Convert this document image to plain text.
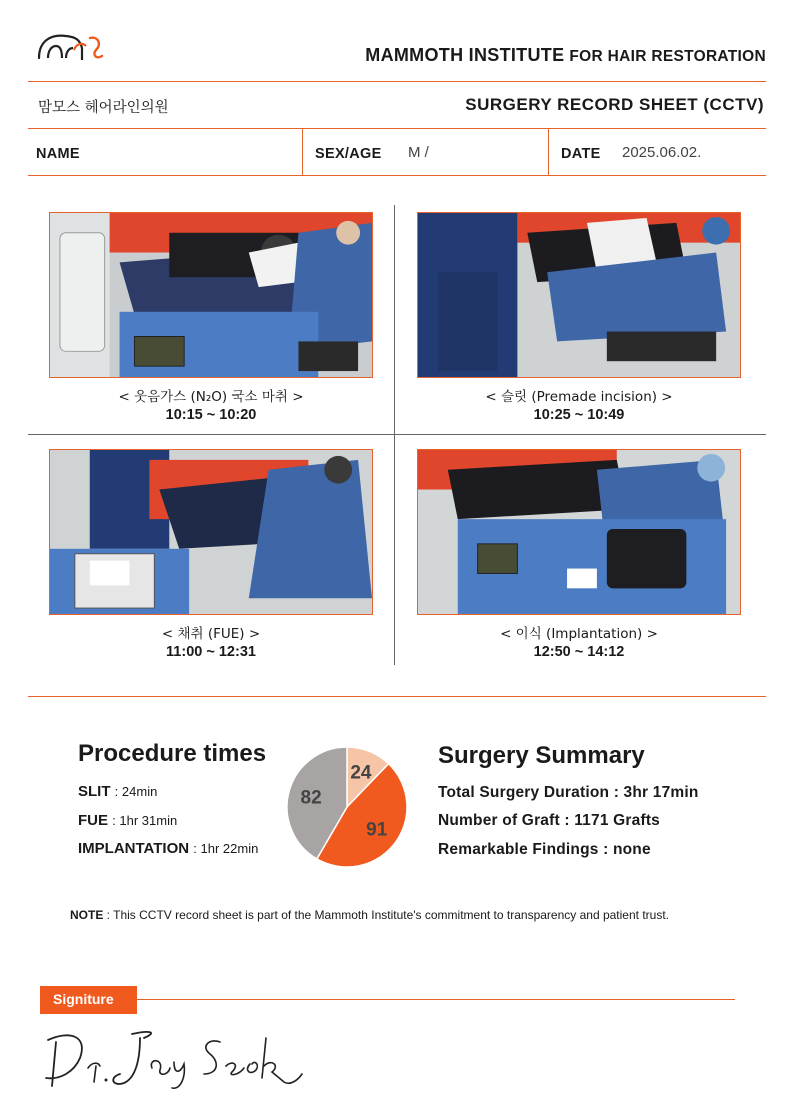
MAMMOTH INSTITUTE FOR HAIR RESTORATION
맘모스 헤어라인의원	SURGERY RECORD SHEET (CCTV)
NAME	SEX/AGE M /	DATE 2025.06.02.
< 웃음가스 (N₂O) 국소 마취 >
10:15 ~ 10:20
< 슬릿 (Premade incision) >
10:25 ~ 10:49
< 채취 (FUE) >
11:00 ~ 12:31
< 이식 (Implantation) >
12:50 ~ 14:12
Procedure times
SLIT : 24min
FUE : 1hr 31min
IMPLANTATION : 1hr 22min
24
91
82
Surgery Summary
Total Surgery Duration : 3hr 17min
Number of Graft : 1171 Grafts
Remarkable Findings : none
NOTE : This CCTV record sheet is part of the Mammoth Institute's commitment to transparency and patient trust.
Signiture
